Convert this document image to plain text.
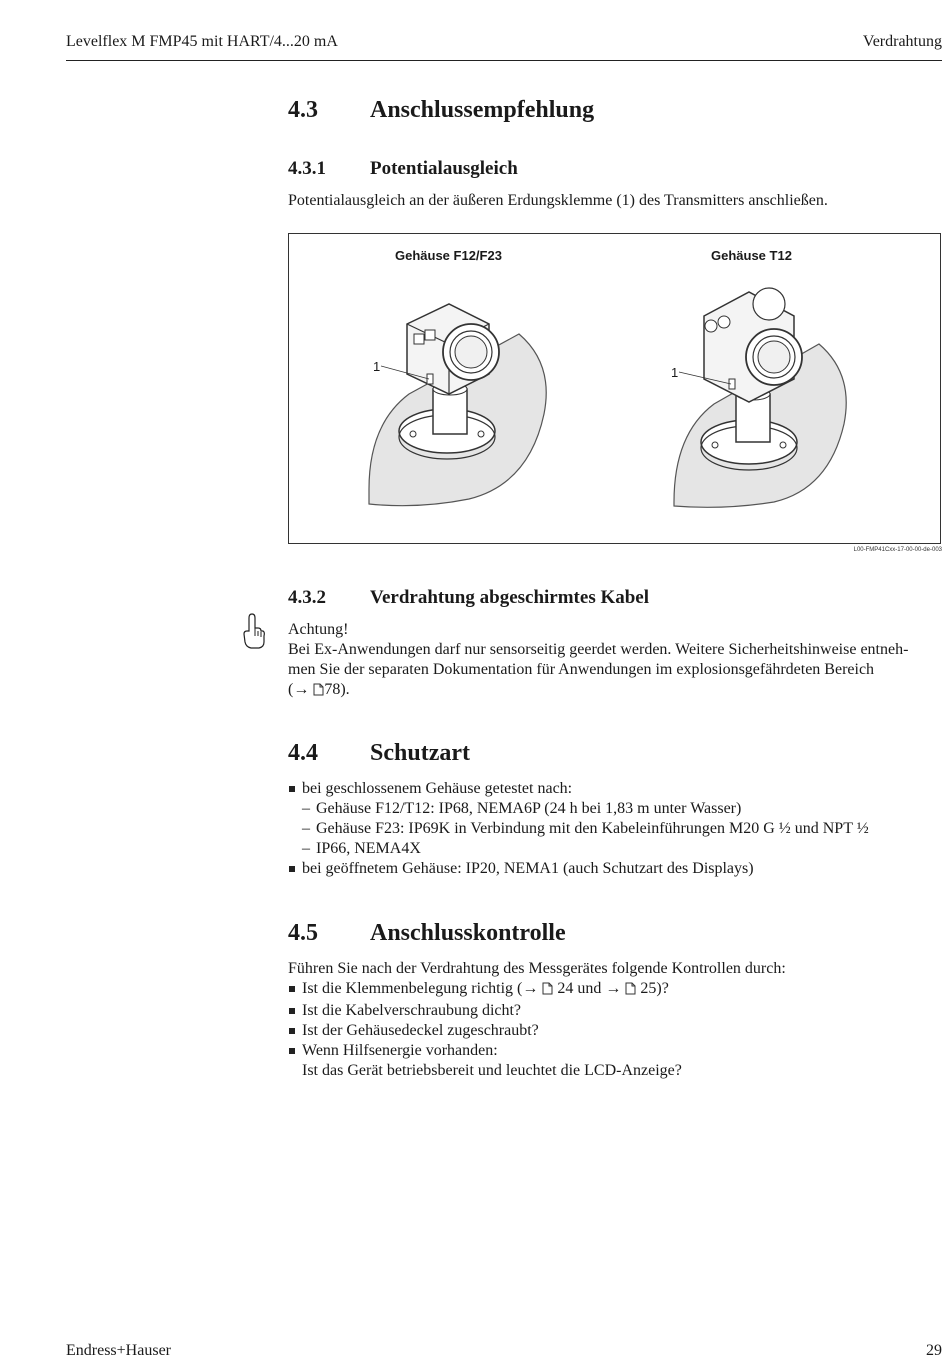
Levelflex M FMP45 mit HART/4...20 mA	Verdrahtung
4.3 Anschlussempfehlung
4.3.1 Potentialausgleich
Potentialausgleich an der äußeren Erdungsklemme (1) des Transmitters anschließen.
Gehäuse F12/F23	Gehäuse T12
1	1
L00-FMP41Cxx-17-00-00-de-003
4.3.2 Verdrahtung abgeschirmtes Kabel
Achtung!
Bei Ex-Anwendungen darf nur sensorseitig geerdet werden. Weitere Sicherheitshinweise entneh-
men Sie der separaten Dokumentation für Anwendungen im explosionsgefährdeten Bereich
(→ 78).
4.4 Schutzart
bei geschlossenem Gehäuse getestet nach:
– Gehäuse F12/T12: IP68, NEMA6P (24 h bei 1,83 m unter Wasser)
– Gehäuse F23: IP69K in Verbindung mit den Kabeleinführungen M20 G ½ und NPT ½
– IP66, NEMA4X
bei geöffnetem Gehäuse: IP20, NEMA1 (auch Schutzart des Displays)
4.5 Anschlusskontrolle
Führen Sie nach der Verdrahtung des Messgerätes folgende Kontrollen durch:
Ist die Klemmenbelegung richtig (→  24 und →  25)?
Ist die Kabelverschraubung dicht?
Ist der Gehäusedeckel zugeschraubt?
Wenn Hilfsenergie vorhanden:
Ist das Gerät betriebsbereit und leuchtet die LCD-Anzeige?
Endress+Hauser	29
